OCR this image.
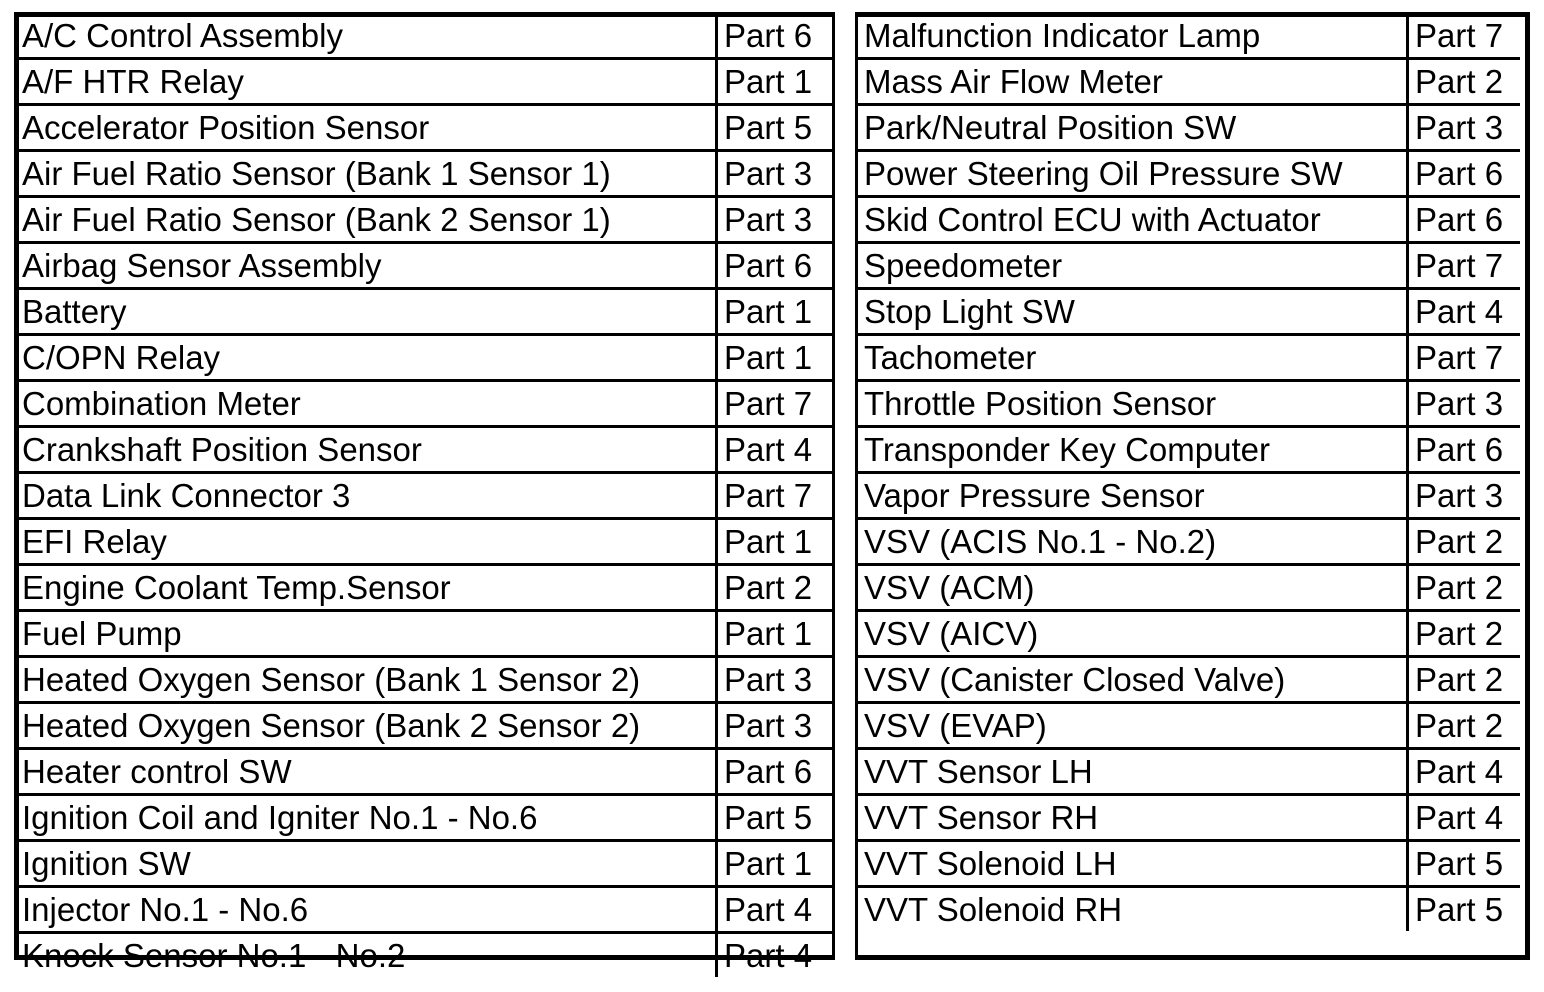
A/C Control Assembly	Part 6
A/F HTR Relay	Part 1
Accelerator Position Sensor	Part 5
Air Fuel Ratio Sensor (Bank 1 Sensor 1)	Part 3
Air Fuel Ratio Sensor (Bank 2 Sensor 1)	Part 3
Airbag Sensor Assembly	Part 6
Battery	Part 1
C/OPN Relay	Part 1
Combination Meter	Part 7
Crankshaft Position Sensor	Part 4
Data Link Connector 3	Part 7
EFI Relay	Part 1
Engine Coolant Temp.Sensor	Part 2
Fuel Pump	Part 1
Heated Oxygen Sensor (Bank 1 Sensor 2)	Part 3
Heated Oxygen Sensor (Bank 2 Sensor 2)	Part 3
Heater control SW	Part 6
Ignition Coil and Igniter No.1 - No.6	Part 5
Ignition SW	Part 1
Injector No.1 - No.6	Part 4
Knock Sensor No.1 - No.2	Part 4
Malfunction Indicator Lamp	Part 7
Mass Air Flow Meter	Part 2
Park/Neutral Position SW	Part 3
Power Steering Oil Pressure SW	Part 6
Skid Control ECU with Actuator	Part 6
Speedometer	Part 7
Stop Light SW	Part 4
Tachometer	Part 7
Throttle Position Sensor	Part 3
Transponder Key Computer	Part 6
Vapor Pressure Sensor	Part 3
VSV (ACIS No.1 - No.2)	Part 2
VSV (ACM)	Part 2
VSV (AICV)	Part 2
VSV (Canister Closed Valve)	Part 2
VSV (EVAP)	Part 2
VVT Sensor LH	Part 4
VVT Sensor RH	Part 4
VVT Solenoid LH	Part 5
VVT Solenoid RH	Part 5
